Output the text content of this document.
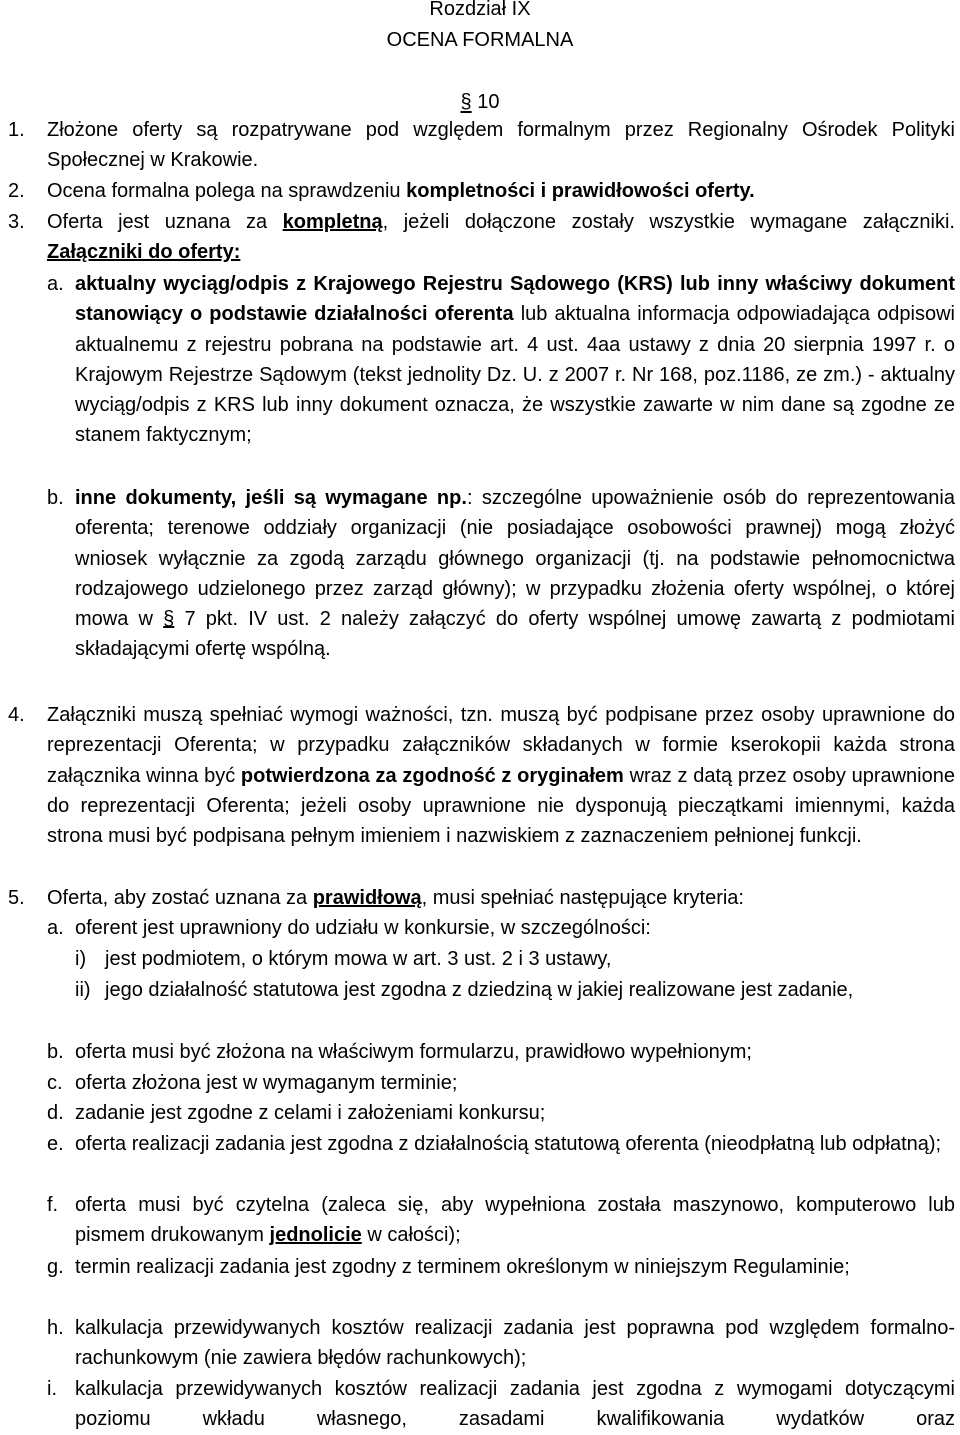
Rozdział IX
OCENA FORMALNA
§ 10
1. Złożone oferty są rozpatrywane pod względem formalnym przez Regionalny Ośrodek Polityki Społecznej w Krakowie.
2. Ocena formalna polega na sprawdzeniu kompletności i prawidłowości oferty.
3. Oferta jest uznana za kompletną, jeżeli dołączone zostały wszystkie wymagane załączniki. Załączniki do oferty:
a. aktualny wyciąg/odpis z Krajowego Rejestru Sądowego (KRS) lub inny właściwy dokument stanowiący o podstawie działalności oferenta lub aktualna informacja odpowiadająca odpisowi aktualnemu z rejestru pobrana na podstawie art. 4 ust. 4aa ustawy z dnia 20 sierpnia 1997 r. o Krajowym Rejestrze Sądowym (tekst jednolity Dz. U. z 2007 r. Nr 168, poz.1186, ze zm.) - aktualny wyciąg/odpis z KRS lub inny dokument oznacza, że wszystkie zawarte w nim dane są zgodne ze stanem faktycznym;
b. inne dokumenty, jeśli są wymagane np.: szczególne upoważnienie osób do reprezentowania oferenta; terenowe oddziały organizacji (nie posiadające osobowości prawnej) mogą złożyć wniosek wyłącznie za zgodą zarządu głównego organizacji (tj. na podstawie pełnomocnictwa rodzajowego udzielonego przez zarząd główny); w przypadku złożenia oferty wspólnej, o której mowa w § 7 pkt. IV ust. 2 należy załączyć do oferty wspólnej umowę zawartą z podmiotami składającymi ofertę wspólną.
4. Załączniki muszą spełniać wymogi ważności, tzn. muszą być podpisane przez osoby uprawnione do reprezentacji Oferenta; w przypadku załączników składanych w formie kserokopii każda strona załącznika winna być potwierdzona za zgodność z oryginałem wraz z datą przez osoby uprawnione do reprezentacji Oferenta; jeżeli osoby uprawnione nie dysponują pieczątkami imiennymi, każda strona musi być podpisana pełnym imieniem i nazwiskiem z zaznaczeniem pełnionej funkcji.
5. Oferta, aby zostać uznana za prawidłową, musi spełniać następujące kryteria:
a. oferent jest uprawniony do udziału w konkursie, w szczególności:
i) jest podmiotem, o którym mowa w art. 3 ust. 2 i 3 ustawy,
ii) jego działalność statutowa jest zgodna z dziedziną w jakiej realizowane jest zadanie,
b. oferta musi być złożona na właściwym formularzu, prawidłowo wypełnionym;
c. oferta złożona jest w wymaganym terminie;
d. zadanie jest zgodne z celami i założeniami konkursu;
e. oferta realizacji zadania jest zgodna z działalnością statutową oferenta (nieodpłatną lub odpłatną);
f. oferta musi być czytelna (zaleca się, aby wypełniona została maszynowo, komputerowo lub pismem drukowanym jednolicie w całości);
g. termin realizacji zadania jest zgodny z terminem określonym w niniejszym Regulaminie;
h. kalkulacja przewidywanych kosztów realizacji zadania jest poprawna pod względem formalno-rachunkowym (nie zawiera błędów rachunkowych);
i. kalkulacja przewidywanych kosztów realizacji zadania jest zgodna z wymogami dotyczącymi poziomu wkładu własnego, zasadami kwalifikowania wydatków oraz
